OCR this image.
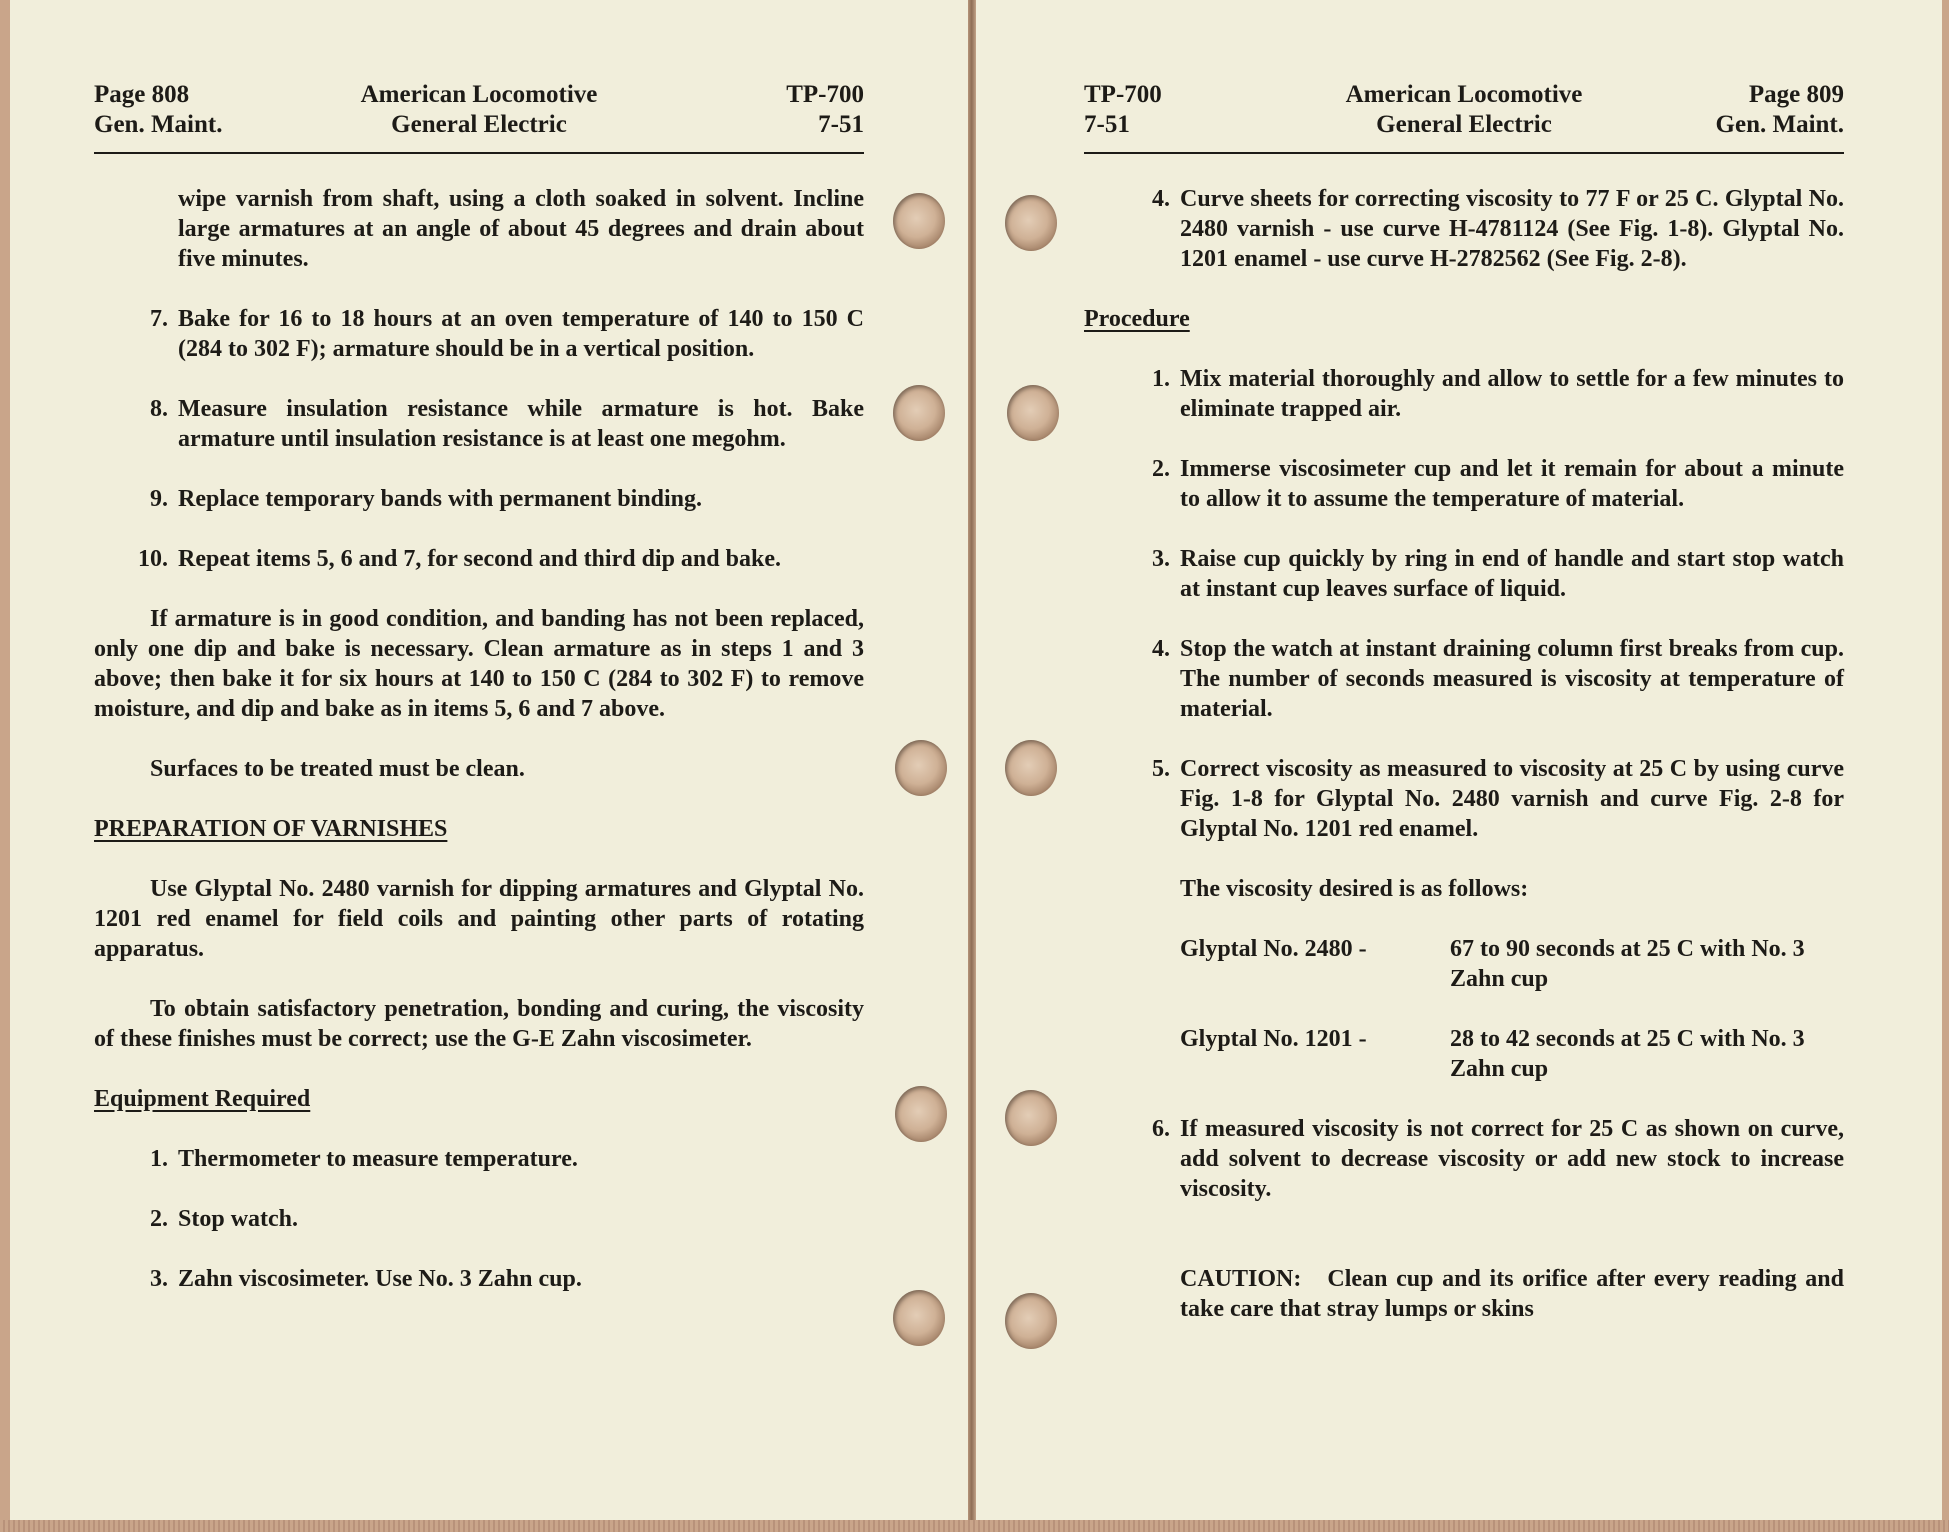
Page 808
Gen. Maint.
American Locomotive
General Electric
TP-700
7-51
wipe varnish from shaft, using a cloth soaked in solvent. Incline large armatures at an angle of about 45 degrees and drain about five minutes.
7. Bake for 16 to 18 hours at an oven temperature of 140 to 150 C (284 to 302 F); armature should be in a vertical position.
8. Measure insulation resistance while armature is hot. Bake armature until insulation resistance is at least one megohm.
9. Replace temporary bands with permanent binding.
10. Repeat items 5, 6 and 7, for second and third dip and bake.
If armature is in good condition, and banding has not been replaced, only one dip and bake is necessary. Clean armature as in steps 1 and 3 above; then bake it for six hours at 140 to 150 C (284 to 302 F) to remove moisture, and dip and bake as in items 5, 6 and 7 above.
Surfaces to be treated must be clean.
PREPARATION OF VARNISHES
Use Glyptal No. 2480 varnish for dipping armatures and Glyptal No. 1201 red enamel for field coils and painting other parts of rotating apparatus.
To obtain satisfactory penetration, bonding and curing, the viscosity of these finishes must be correct; use the G-E Zahn viscosimeter.
Equipment Required
1. Thermometer to measure temperature.
2. Stop watch.
3. Zahn viscosimeter. Use No. 3 Zahn cup.
TP-700
7-51
American Locomotive
General Electric
Page 809
Gen. Maint.
4. Curve sheets for correcting viscosity to 77 F or 25 C. Glyptal No. 2480 varnish - use curve H-4781124 (See Fig. 1-8). Glyptal No. 1201 enamel - use curve H-2782562 (See Fig. 2-8).
Procedure
1. Mix material thoroughly and allow to settle for a few minutes to eliminate trapped air.
2. Immerse viscosimeter cup and let it remain for about a minute to allow it to assume the temperature of material.
3. Raise cup quickly by ring in end of handle and start stop watch at instant cup leaves surface of liquid.
4. Stop the watch at instant draining column first breaks from cup. The number of seconds measured is viscosity at temperature of material.
5. Correct viscosity as measured to viscosity at 25 C by using curve Fig. 1-8 for Glyptal No. 2480 varnish and curve Fig. 2-8 for Glyptal No. 1201 red enamel.
The viscosity desired is as follows:
Glyptal No. 2480 -	67 to 90 seconds at 25 C with No. 3 Zahn cup
Glyptal No. 1201 -	28 to 42 seconds at 25 C with No. 3 Zahn cup
6. If measured viscosity is not correct for 25 C as shown on curve, add solvent to decrease viscosity or add new stock to increase viscosity.
CAUTION: Clean cup and its orifice after every reading and take care that stray lumps or skins
